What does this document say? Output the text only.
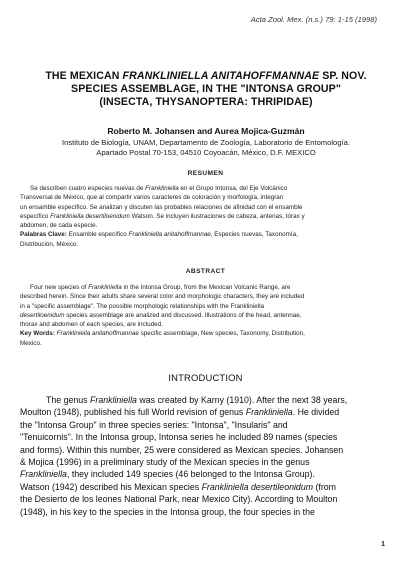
Acta Zool. Mex. (n.s.) 79: 1-15 (1998)
THE MEXICAN FRANKLINIELLA ANITAHOFFMANNAE SP. NOV.
SPECIES ASSEMBLAGE, IN THE "INTONSA GROUP"
(INSECTA, THYSANOPTERA: THRIPIDAE)
Roberto M. Johansen and Aurea Mojica-Guzmán
Instituto de Biología, UNAM, Departamento de Zoología, Laboratorio de Entomología.
Apartado Postal 70-153, 04510 Coyoacán, México, D.F. MEXICO
RESUMEN
Se describen cuatro especies nuevas de Frankliniella en el Grupo Intonsa, del Eje Volcánico
Transversal de México, que al compartir varios caracteres de coloración y morfología, integran
un ensamble específico. Se analizan y discuten las probables relaciones de afinidad con el ensamble
específico Frankliniella desertiloenidum Watson. Se incluyen ilustraciones de cabeza, antenas, tórax y
abdomen, de cada especie.
Palabras Clave: Ensamble específico Frankliniella anitahoffmannae, Especies nuevas, Taxonomía,
Distribución, México.
ABSTRACT
Four new species of Frankliniella in the Intonsa Group, from the Mexican Volcanic Range, are
described herein. Since their adults share several color and morphologic characters, they are included
in a "specific assemblage". The possible morphologic relationships with the Frankliniella
desertiloenidum species assemblage are analized and discussed. Illustrations of the head, antennae,
thorax and abdomen of each species, are included.
Key Words: Frankliniella anitahoffmannae specific assemblage, New species, Taxonomy, Distribution,
Mexico.
INTRODUCTION
The genus Frankliniella was created by Karny (1910). After the next 38 years,
Moulton (1948), published his full World revision of genus Frankliniella. He divided
the "Intonsa Group" in three species series: "Intonsa", "Insularis" and
"Tenuicornis". In the Intonsa group, Intonsa series he included 89 names (species
and forms). Within this number, 25 were considered as Mexican species. Johansen
& Mojica (1996) in a preliminary study of the Mexican species in the genus
Frankliniella, they included 149 species (46 belonged to the Intonsa Group).
Watson (1942) described his Mexican species Frankliniella desertileonidum (from
the Desierto de los leones National Park, near Mexico City). According to Moulton
(1948), in his key to the species in the Intonsa group, the four species in the
1
